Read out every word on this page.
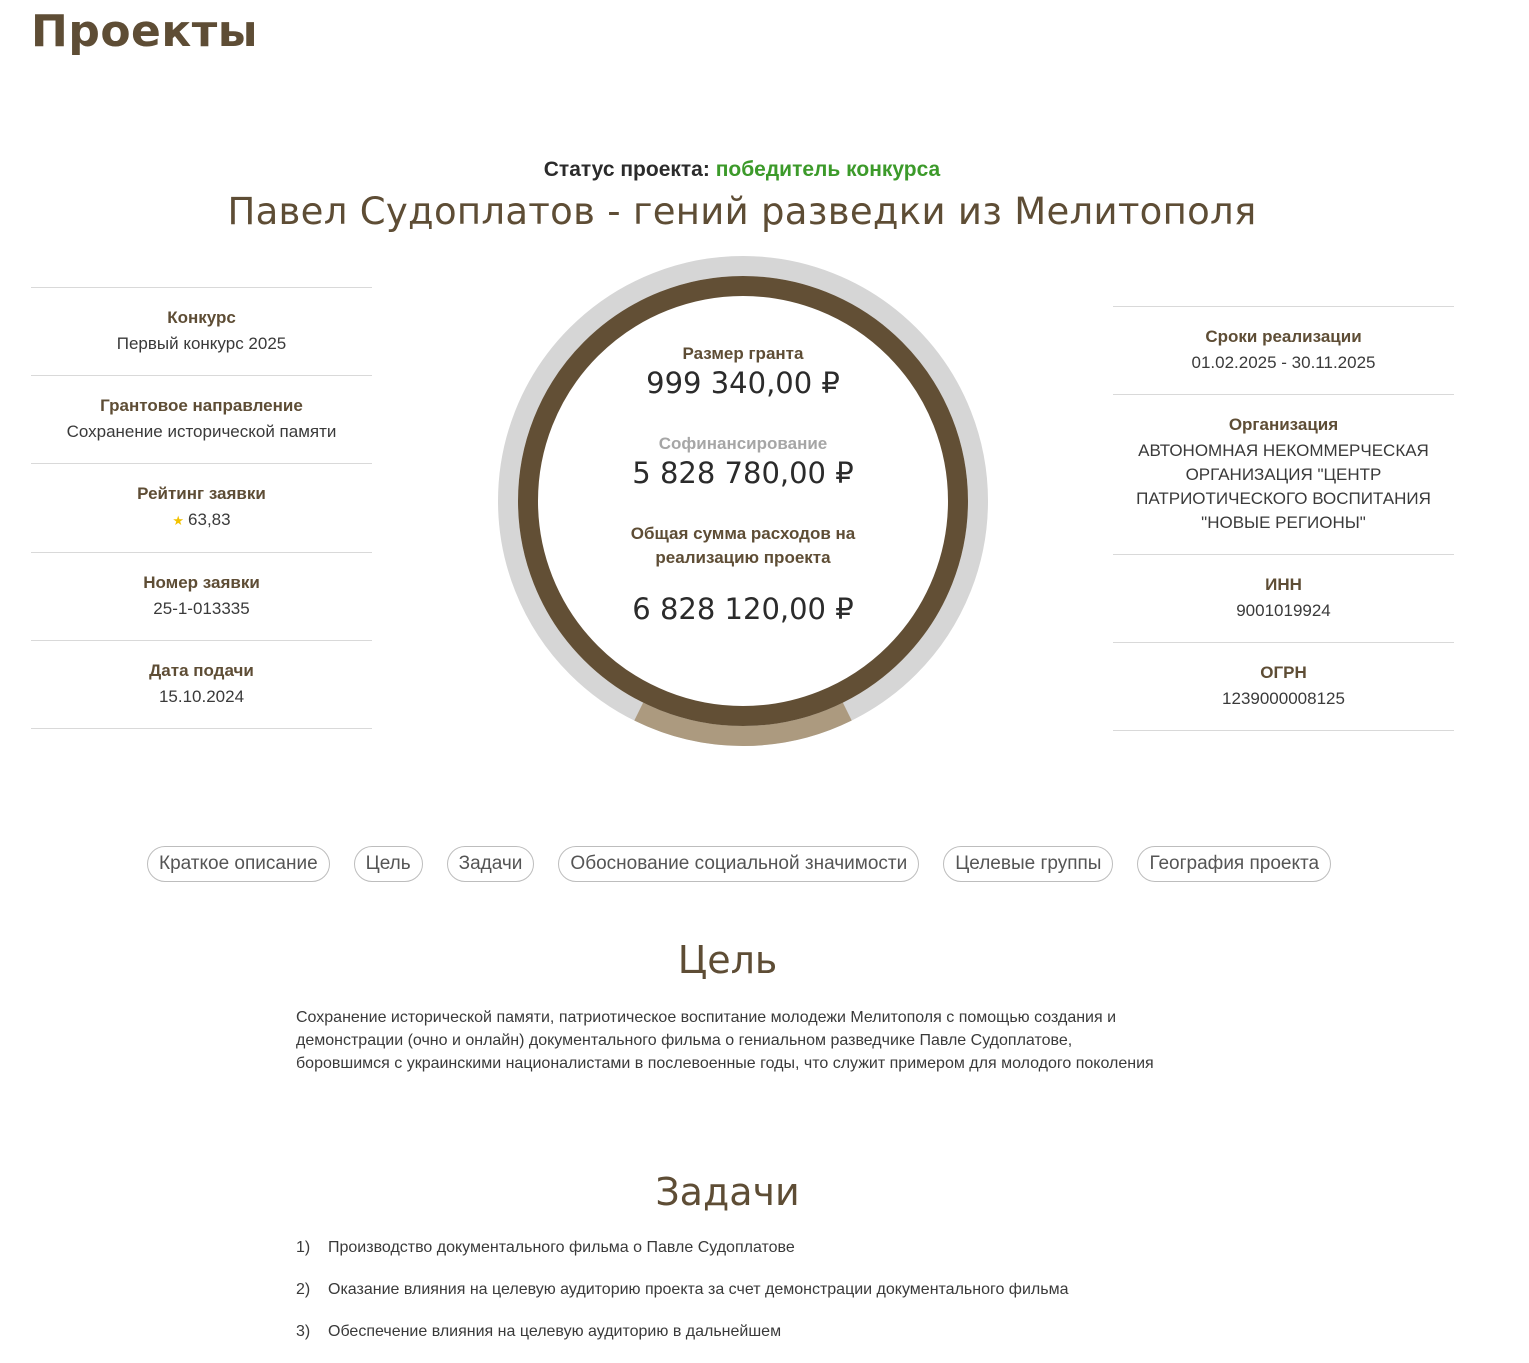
Проекты
Статус проекта: победитель конкурса
Павел Судоплатов - гений разведки из Мелитополя
Конкурс
Первый конкурс 2025
Грантовое направление
Сохранение исторической памяти
Рейтинг заявки
★ 63,83
Номер заявки
25-1-013335
Дата подачи
15.10.2024
Размер гранта
999 340,00 ₽
Софинансирование
5 828 780,00 ₽
Общая сумма расходов на реализацию проекта
6 828 120,00 ₽
Сроки реализации
01.02.2025 - 30.11.2025
Организация
АВТОНОМНАЯ НЕКОММЕРЧЕСКАЯ ОРГАНИЗАЦИЯ "ЦЕНТР ПАТРИОТИЧЕСКОГО ВОСПИТАНИЯ "НОВЫЕ РЕГИОНЫ"
ИНН
9001019924
ОГРН
1239000008125
Краткое описание	Цель	Задачи	Обоснование социальной значимости	Целевые группы	География проекта
Цель

Сохранение исторической памяти, патриотическое воспитание молодежи Мелитополя с помощью создания и демонстрации (очно и онлайн) документального фильма о гениальном разведчике Павле Судоплатове, боровшимся с украинскими националистами в послевоенные годы, что служит примером для молодого поколения

Задачи
1)	Производство документального фильма о Павле Судоплатове
2)	Оказание влияния на целевую аудиторию проекта за счет демонстрации документального фильма
3)	Обеспечение влияния на целевую аудиторию в дальнейшем
